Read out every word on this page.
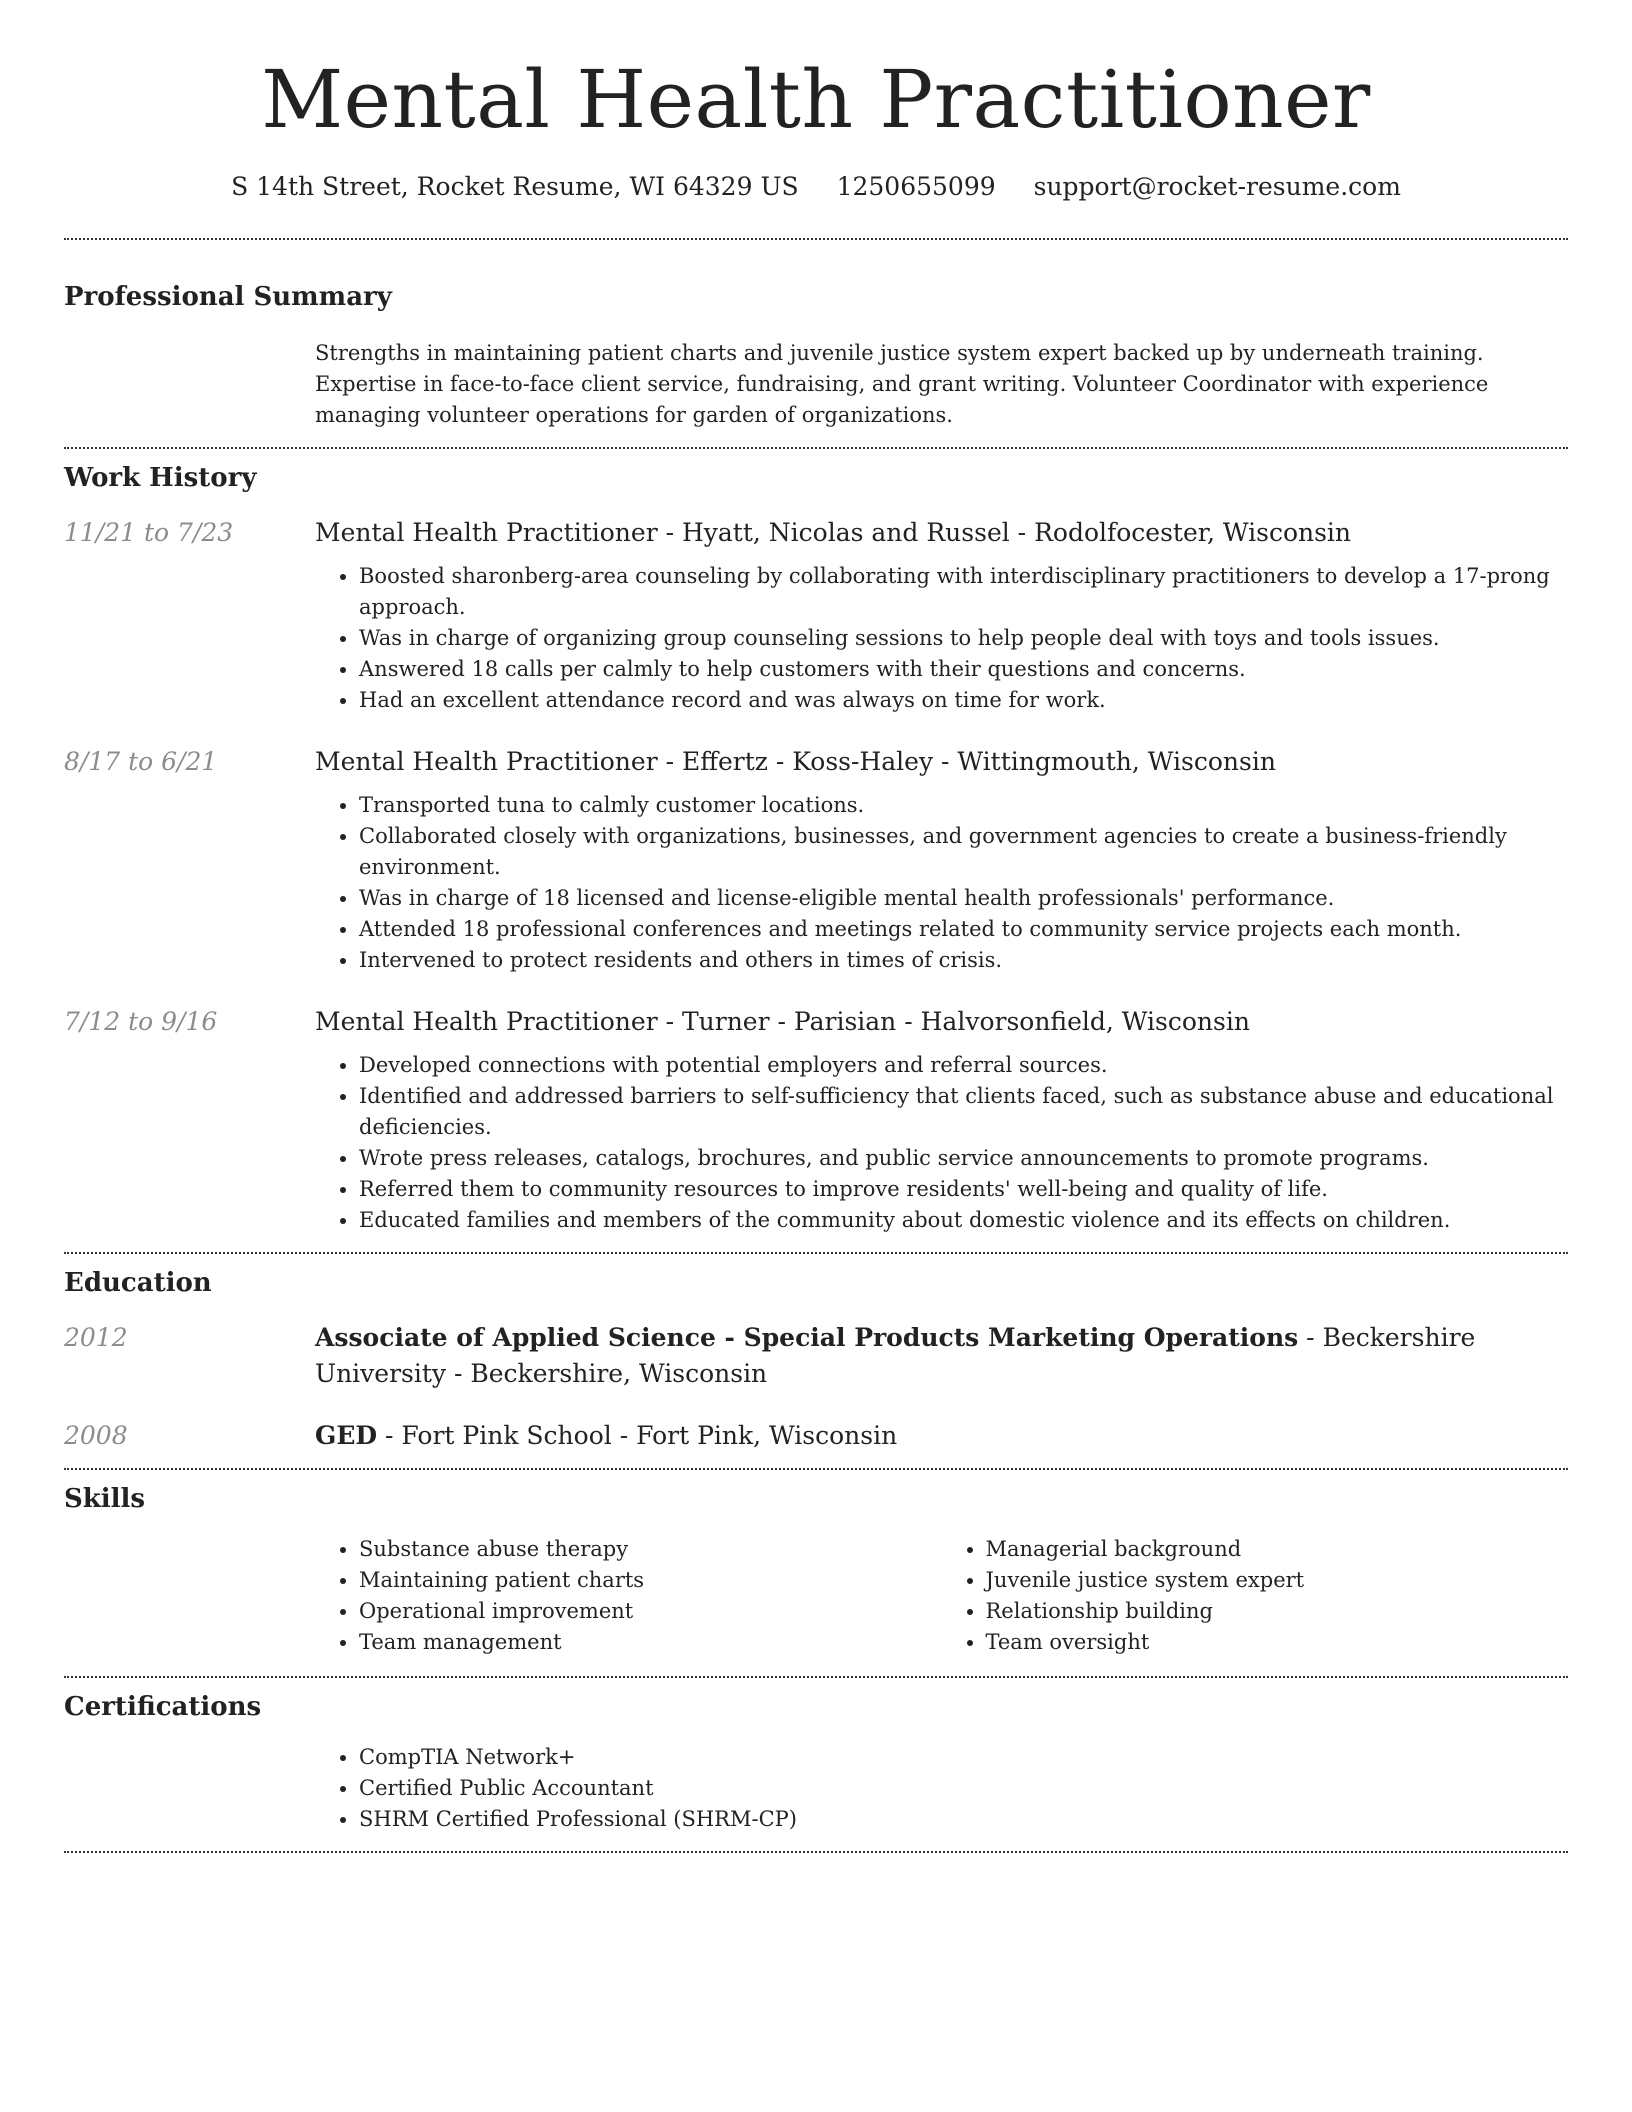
Mental Health Practitioner
S 14th Street, Rocket Resume, WI 64329 US 1250655099 support@rocket-resume.com
Professional Summary
Strengths in maintaining patient charts and juvenile justice system expert backed up by underneath training. Expertise in face-to-face client service, fundraising, and grant writing. Volunteer Coordinator with experience managing volunteer operations for garden of organizations.
Work History
11/21 to 7/23	Mental Health Practitioner - Hyatt, Nicolas and Russel - Rodolfocester, Wisconsin
• Boosted sharonberg-area counseling by collaborating with interdisciplinary practitioners to develop a 17-prong approach.
• Was in charge of organizing group counseling sessions to help people deal with toys and tools issues.
• Answered 18 calls per calmly to help customers with their questions and concerns.
• Had an excellent attendance record and was always on time for work.
8/17 to 6/21	Mental Health Practitioner - Effertz - Koss-Haley - Wittingmouth, Wisconsin
• Transported tuna to calmly customer locations.
• Collaborated closely with organizations, businesses, and government agencies to create a business-friendly environment.
• Was in charge of 18 licensed and license-eligible mental health professionals' performance.
• Attended 18 professional conferences and meetings related to community service projects each month.
• Intervened to protect residents and others in times of crisis.
7/12 to 9/16	Mental Health Practitioner - Turner - Parisian - Halvorsonfield, Wisconsin
• Developed connections with potential employers and referral sources.
• Identified and addressed barriers to self-sufficiency that clients faced, such as substance abuse and educational deficiencies.
• Wrote press releases, catalogs, brochures, and public service announcements to promote programs.
• Referred them to community resources to improve residents' well-being and quality of life.
• Educated families and members of the community about domestic violence and its effects on children.
Education
2012	Associate of Applied Science - Special Products Marketing Operations - Beckershire University - Beckershire, Wisconsin
2008	GED - Fort Pink School - Fort Pink, Wisconsin
Skills
• Substance abuse therapy
• Maintaining patient charts
• Operational improvement
• Team management
• Managerial background
• Juvenile justice system expert
• Relationship building
• Team oversight
Certifications
• CompTIA Network+
• Certified Public Accountant
• SHRM Certified Professional (SHRM-CP)
